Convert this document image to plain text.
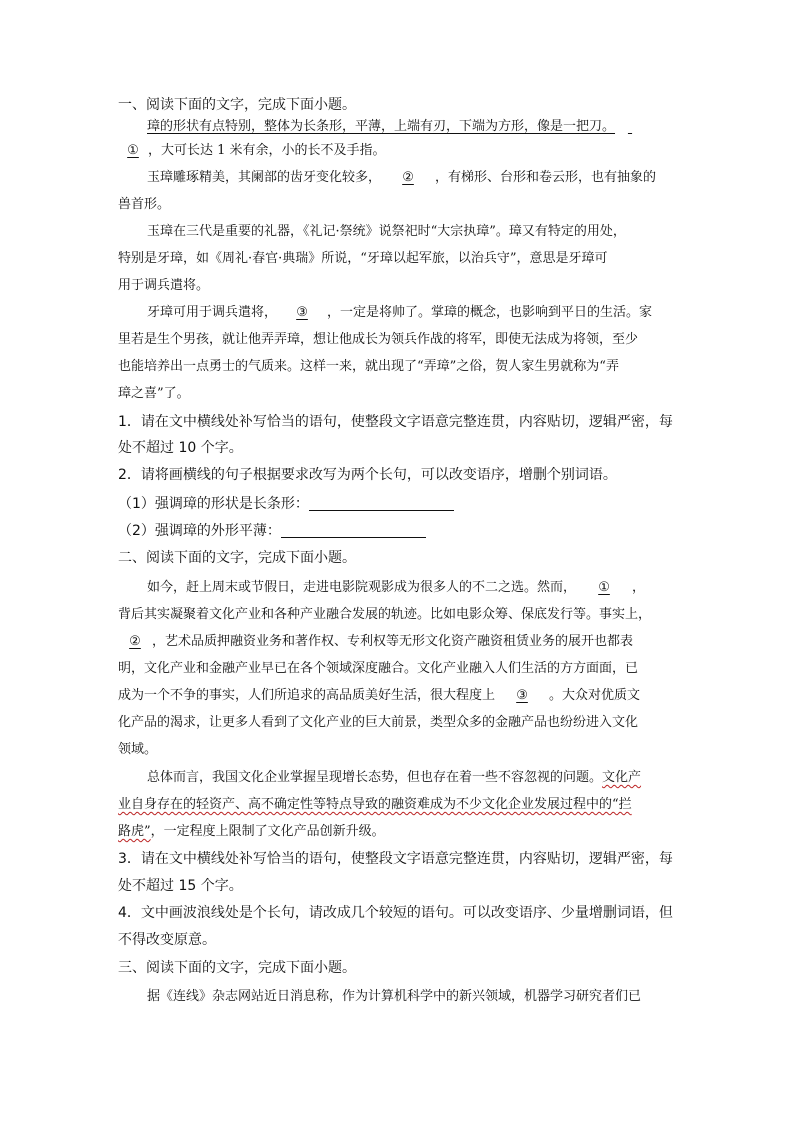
一、阅读下面的文字，完成下面小题。
璋的形状有点特别，整体为长条形，平薄，上端有刃，下端为方形，像是一把刀。
① ，大可长达 1 米有余，小的长不及手指。
玉璋雕琢精美，其阑部的齿牙变化较多， ② ，有梯形、台形和卷云形，也有抽象的
兽首形。
玉璋在三代是重要的礼器，《礼记·祭统》说祭祀时“大宗执璋”。璋又有特定的用处，
特别是牙璋，如《周礼·春官·典瑞》所说，“牙璋以起军旅，以治兵守”，意思是牙璋可
用于调兵遣将。
牙璋可用于调兵遣将， ③ ，一定是将帅了。掌璋的概念，也影响到平日的生活。家
里若是生个男孩，就让他弄弄璋，想让他成长为领兵作战的将军，即使无法成为将领，至少
也能培养出一点勇士的气质来。这样一来，就出现了“弄璋”之俗，贺人家生男就称为“弄
璋之喜”了。
1．请在文中横线处补写恰当的语句，使整段文字语意完整连贯，内容贴切，逻辑严密，每
处不超过 10 个字。
2．请将画横线的句子根据要求改写为两个长句，可以改变语序，增删个别词语。
（1）强调璋的形状是长条形：
（2）强调璋的外形平薄：
二、阅读下面的文字，完成下面小题。
如今，赶上周末或节假日，走进电影院观影成为很多人的不二之选。然而， ① ，
背后其实凝聚着文化产业和各种产业融合发展的轨迹。比如电影众筹、保底发行等。事实上，
② ，艺术品质押融资业务和著作权、专利权等无形文化资产融资租赁业务的展开也都表
明，文化产业和金融产业早已在各个领域深度融合。文化产业融入人们生活的方方面面，已
成为一个不争的事实，人们所追求的高品质美好生活，很大程度上 ③ 。大众对优质文
化产品的渴求，让更多人看到了文化产业的巨大前景，类型众多的金融产品也纷纷进入文化
领域。
总体而言，我国文化企业掌握呈现增长态势，但也存在着一些不容忽视的问题。文化产
业自身存在的轻资产、高不确定性等特点导致的融资难成为不少文化企业发展过程中的“拦
路虎”，一定程度上限制了文化产品创新升级。
3．请在文中横线处补写恰当的语句，使整段文字语意完整连贯，内容贴切，逻辑严密，每
处不超过 15 个字。
4．文中画波浪线处是个长句，请改成几个较短的语句。可以改变语序、少量增删词语，但
不得改变原意。
三、阅读下面的文字，完成下面小题。
据《连线》杂志网站近日消息称，作为计算机科学中的新兴领域，机器学习研究者们已
